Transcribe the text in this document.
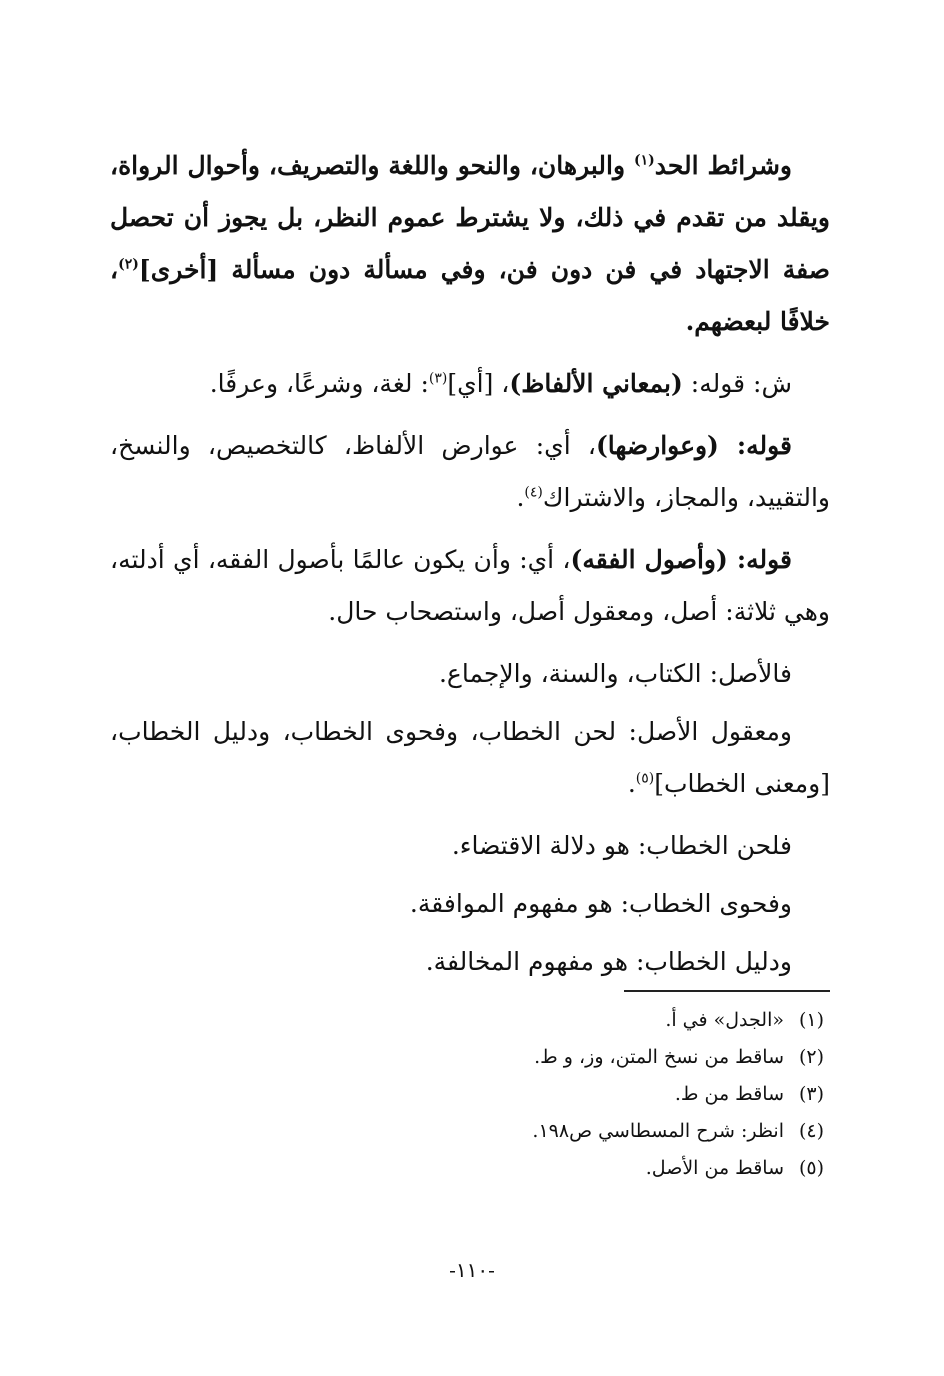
وشرائط الحد$^{(١)}$ والبرهان، والنحو واللغة والتصريف، وأحوال الرواة، ويقلد من تقدم في ذلك، ولا يشترط عموم النظر، بل يجوز أن تحصل صفة الاجتهاد في فن دون فن، وفي مسألة دون مسألة [أخرى]$^{(٢)}$، خلافًا لبعضهم.

ش: قوله: (بمعاني الألفاظ)، [أي]$^{(٣)}$: لغة، وشرعًا، وعرفًا.

قوله: (وعوارضها)، أي: عوارض الألفاظ، كالتخصيص، والنسخ، والتقييد، والمجاز، والاشتراك$^{(٤)}$.

قوله: (وأصول الفقه)، أي: وأن يكون عالمًا بأصول الفقه، أي أدلته، وهي ثلاثة: أصل، ومعقول أصل، واستصحاب حال.

فالأصل: الكتاب، والسنة، والإجماع.

ومعقول الأصل: لحن الخطاب، وفحوى الخطاب، ودليل الخطاب، [ومعنى الخطاب]$^{(٥)}$.

فلحن الخطاب: هو دلالة الاقتضاء.

وفحوى الخطاب: هو مفهوم الموافقة.

ودليل الخطاب: هو مفهوم المخالفة.

(١)«الجدل» في أ.
(٢)ساقط من نسخ المتن، وز، و ط.
(٣)ساقط من ط.
(٤)انظر: شرح المسطاسي ص١٩٨.
(٥)ساقط من الأصل.
-١١٠-
